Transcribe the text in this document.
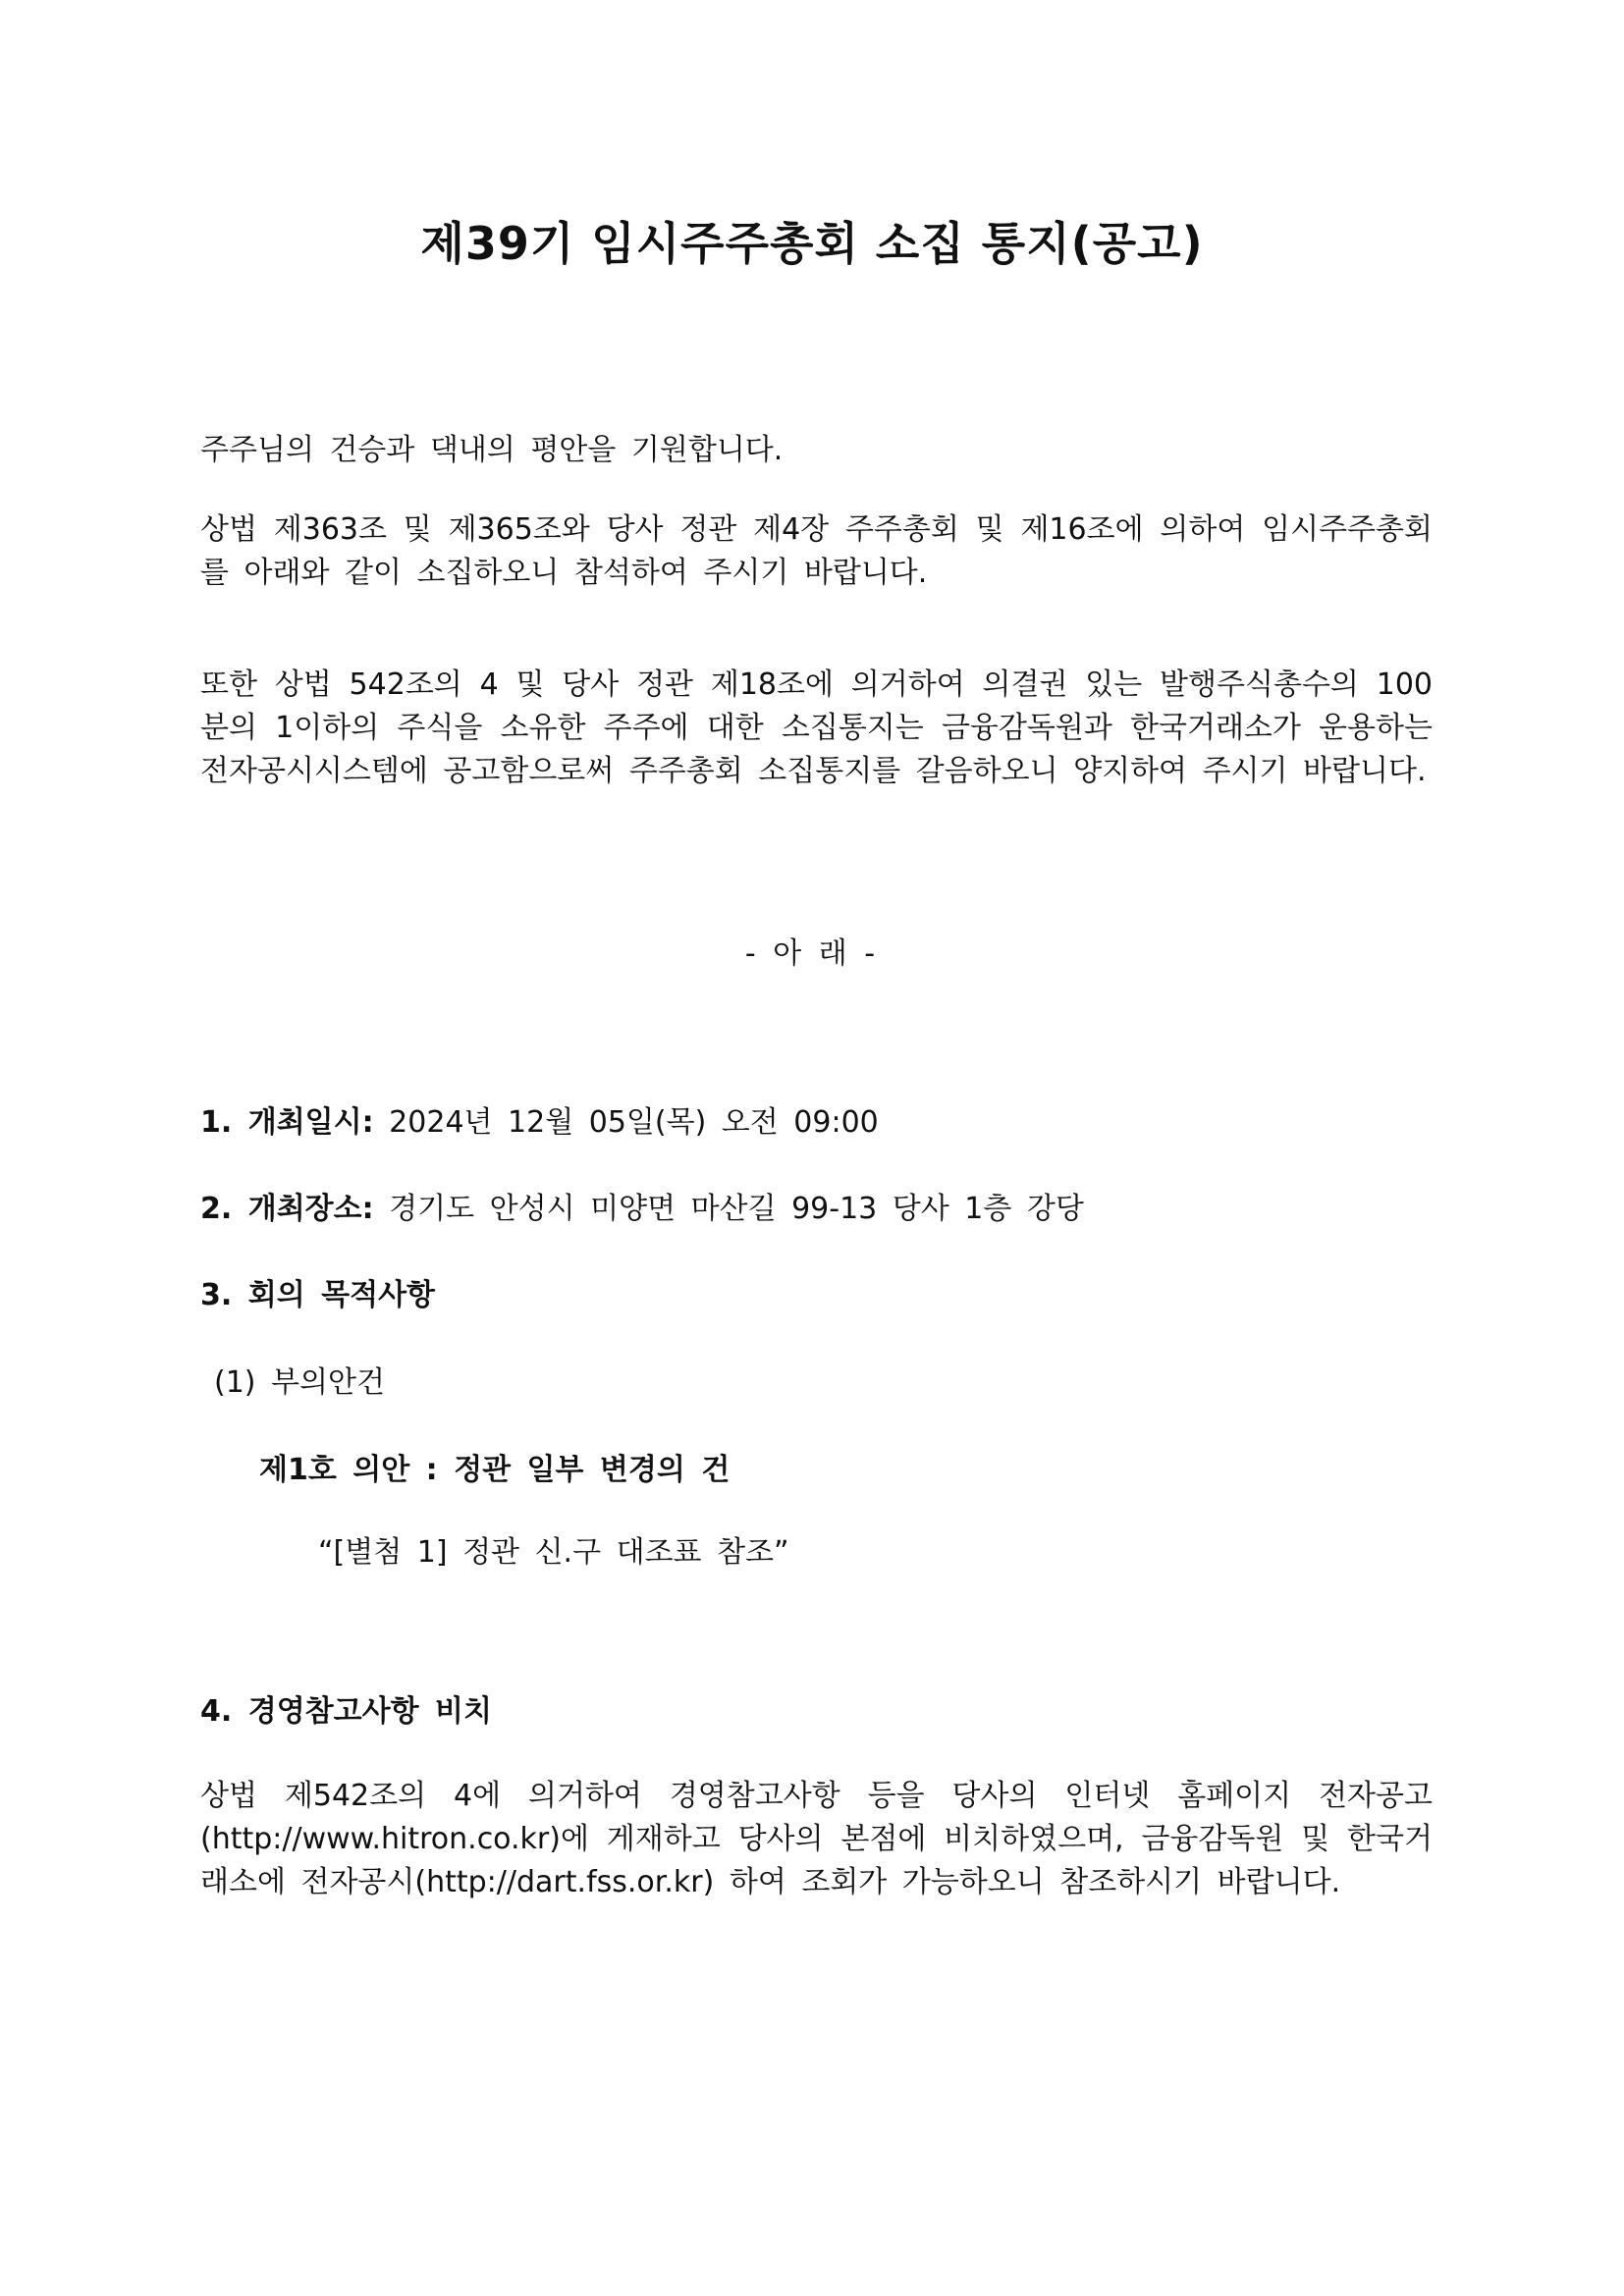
제39기 임시주주총회 소집 통지(공고)
주주님의 건승과 댁내의 평안을 기원합니다.
상법 제363조 및 제365조와 당사 정관 제4장 주주총회 및 제16조에 의하여 임시주주총회를 아래와 같이 소집하오니 참석하여 주시기 바랍니다.
또한 상법 542조의 4 및 당사 정관 제18조에 의거하여 의결권 있는 발행주식총수의 100분의 1이하의 주식을 소유한 주주에 대한 소집통지는 금융감독원과 한국거래소가 운용하는 전자공시시스템에 공고함으로써 주주총회 소집통지를 갈음하오니 양지하여 주시기 바랍니다.
- 아 래 -
1. 개최일시: 2024년 12월 05일(목) 오전 09:00
2. 개최장소: 경기도 안성시 미양면 마산길 99-13 당사 1층 강당
3. 회의 목적사항
(1) 부의안건
제1호 의안 : 정관 일부 변경의 건
“[별첨 1] 정관 신.구 대조표 참조”
4. 경영참고사항 비치
상법 제542조의 4에 의거하여 경영참고사항 등을 당사의 인터넷 홈페이지 전자공고(http://www.hitron.co.kr)에 게재하고 당사의 본점에 비치하였으며, 금융감독원 및 한국거래소에 전자공시(http://dart.fss.or.kr) 하여 조회가 가능하오니 참조하시기 바랍니다.
